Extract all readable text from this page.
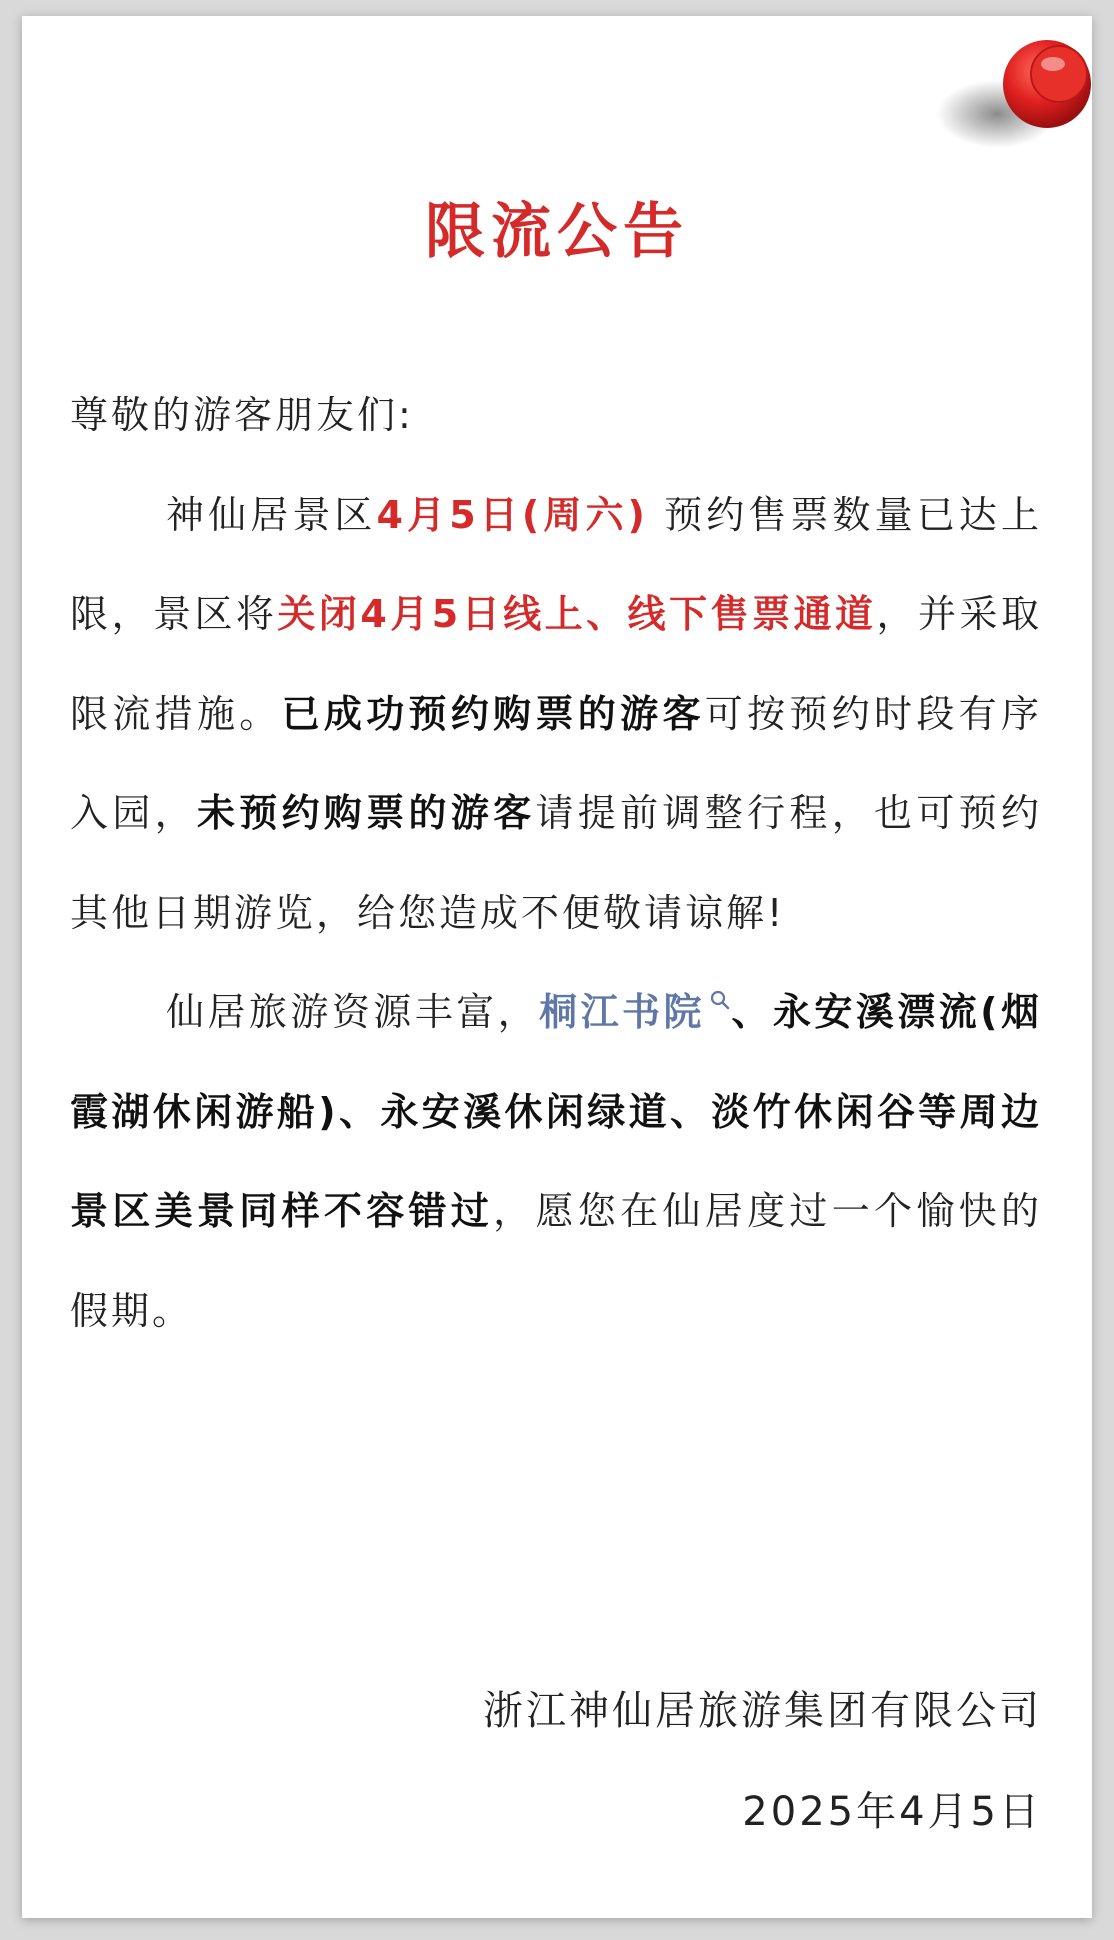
限流公告

尊敬的游客朋友们:

神仙居景区4月5日(周六) 预约售票数量已达上限，景区将关闭4月5日线上、线下售票通道，并采取限流措施。已成功预约购票的游客可按预约时段有序入园，未预约购票的游客请提前调整行程，也可预约其他日期游览，给您造成不便敬请谅解!

仙居旅游资源丰富，桐江书院 、永安溪漂流(烟霞湖休闲游船)、永安溪休闲绿道、淡竹休闲谷等周边景区美景同样不容错过，愿您在仙居度过一个愉快的假期。

浙江神仙居旅游集团有限公司
2025年4月5日
